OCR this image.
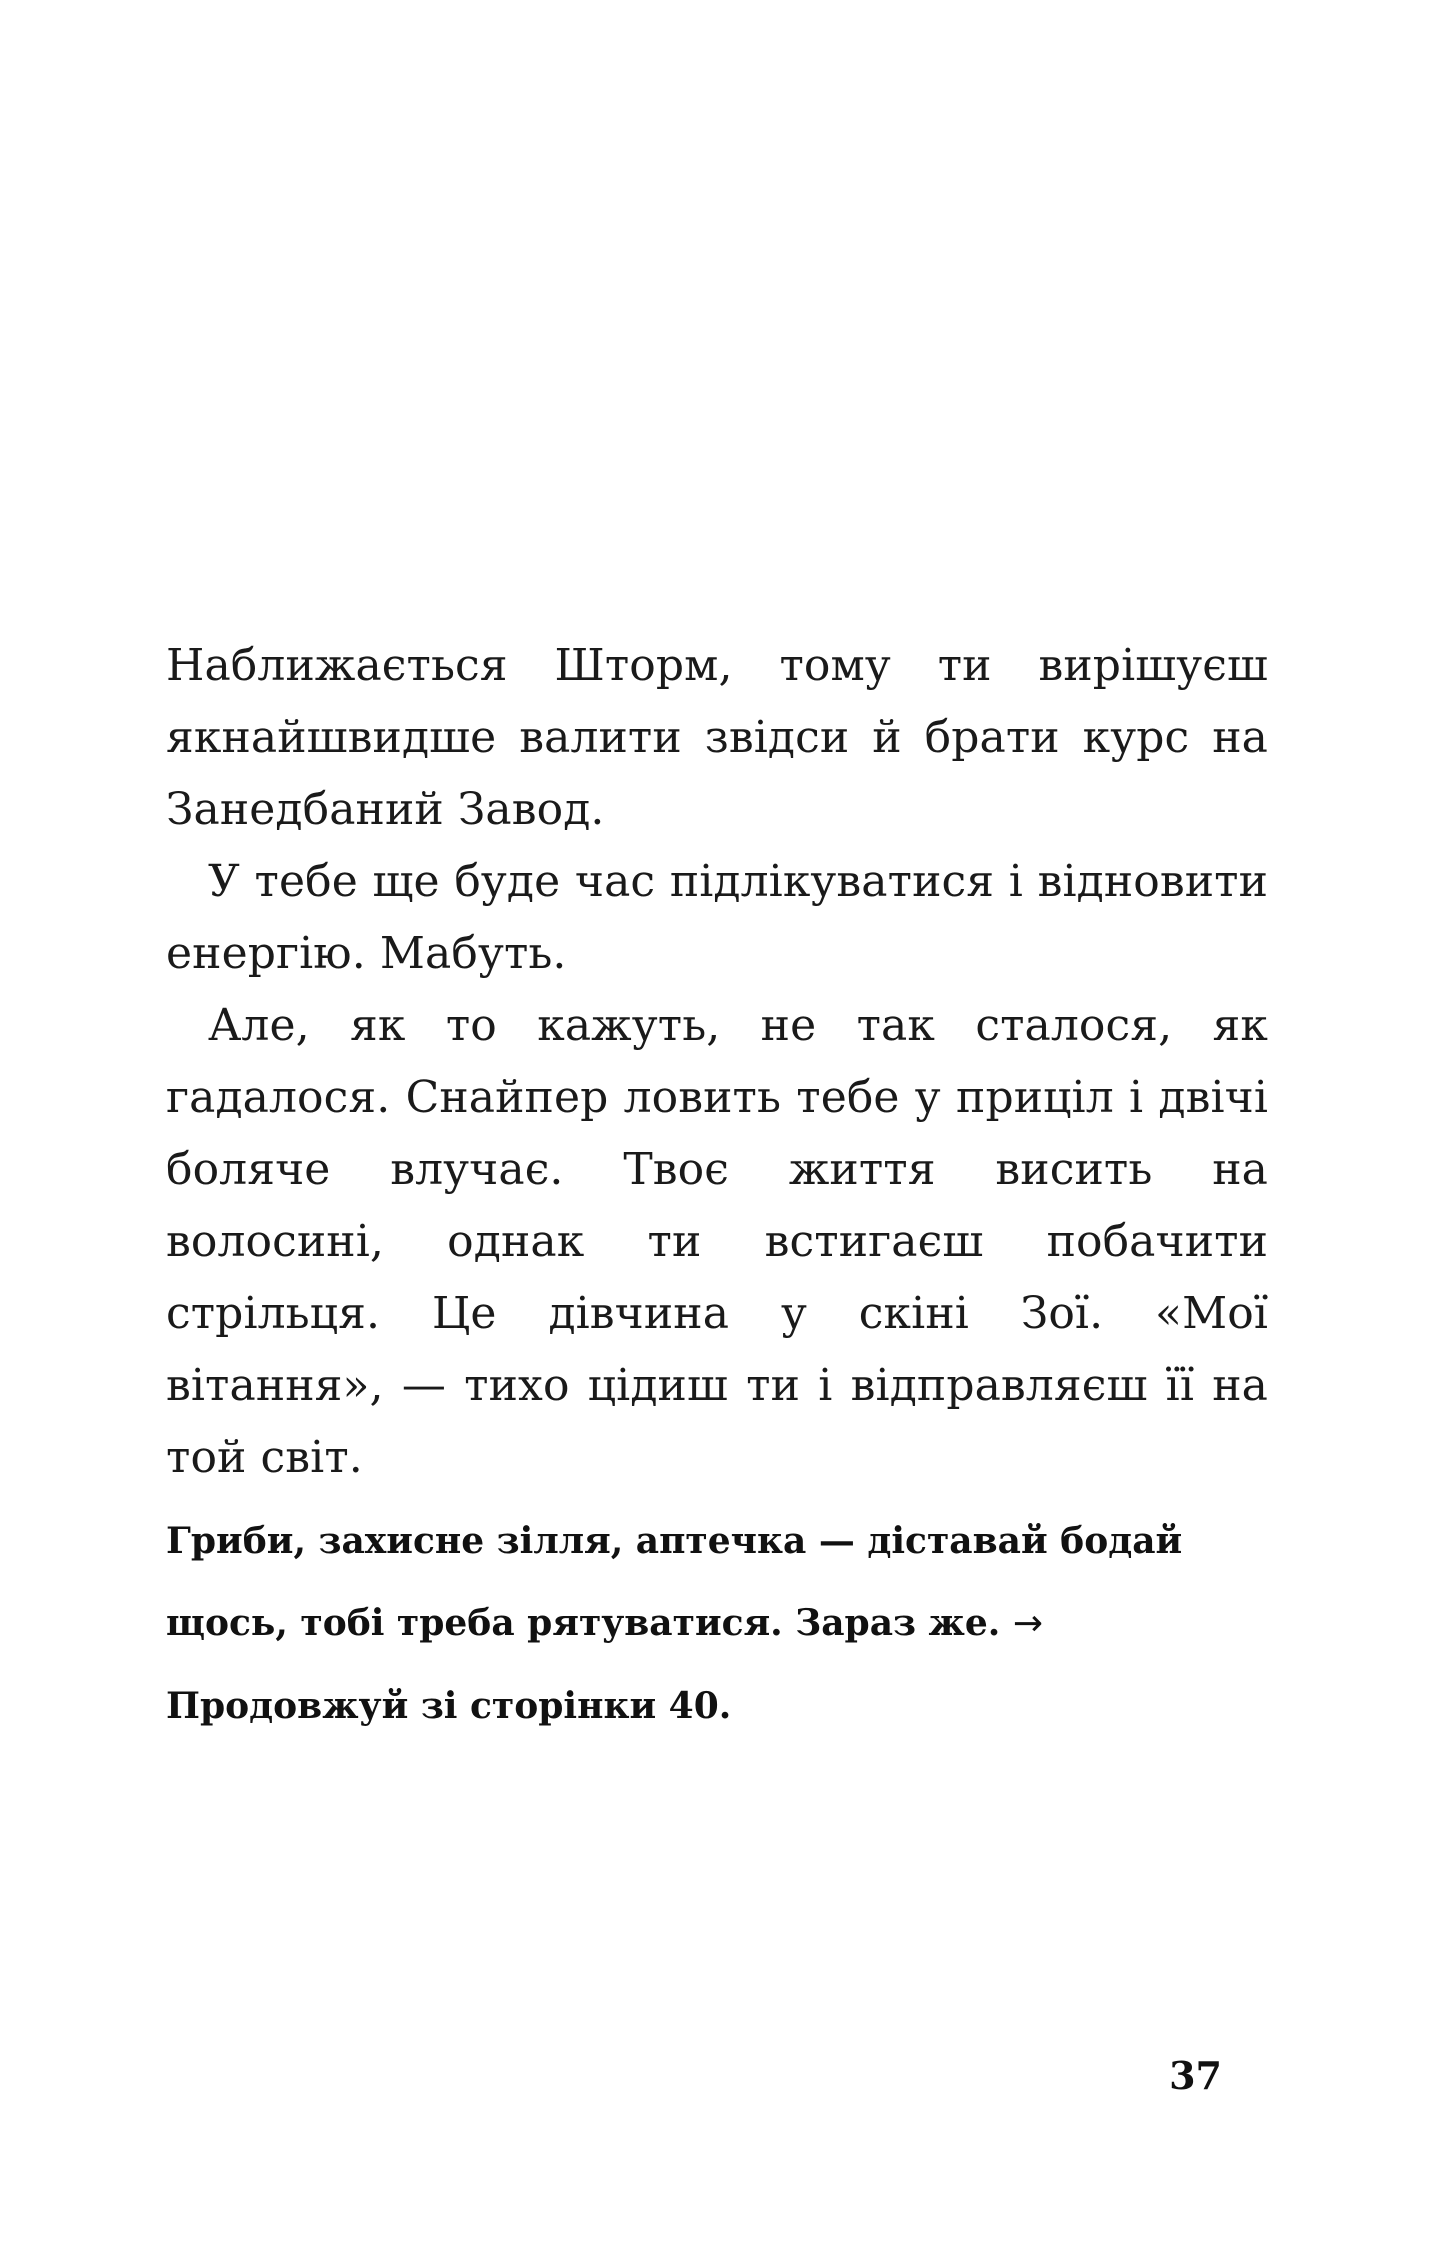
Наближається Шторм, тому ти вирішуєш якнайшвидше валити звідси й брати курс на Занедбаний Завод.

У тебе ще буде час підлікуватися і відновити енергію. Мабуть.

Але, як то кажуть, не так сталося, як гадалося. Снайпер ловить тебе у приціл і двічі боляче влучає. Твоє життя висить на волосині, однак ти встигаєш побачити стрільця. Це дівчина у скіні Зої. «Мої вітання», — тихо цідиш ти і відправляєш її на той світ.

Гриби, захисне зілля, аптечка — діставай бодай щось, тобі треба рятуватися. Зараз же. → Продовжуй зі сторінки 40.

37
